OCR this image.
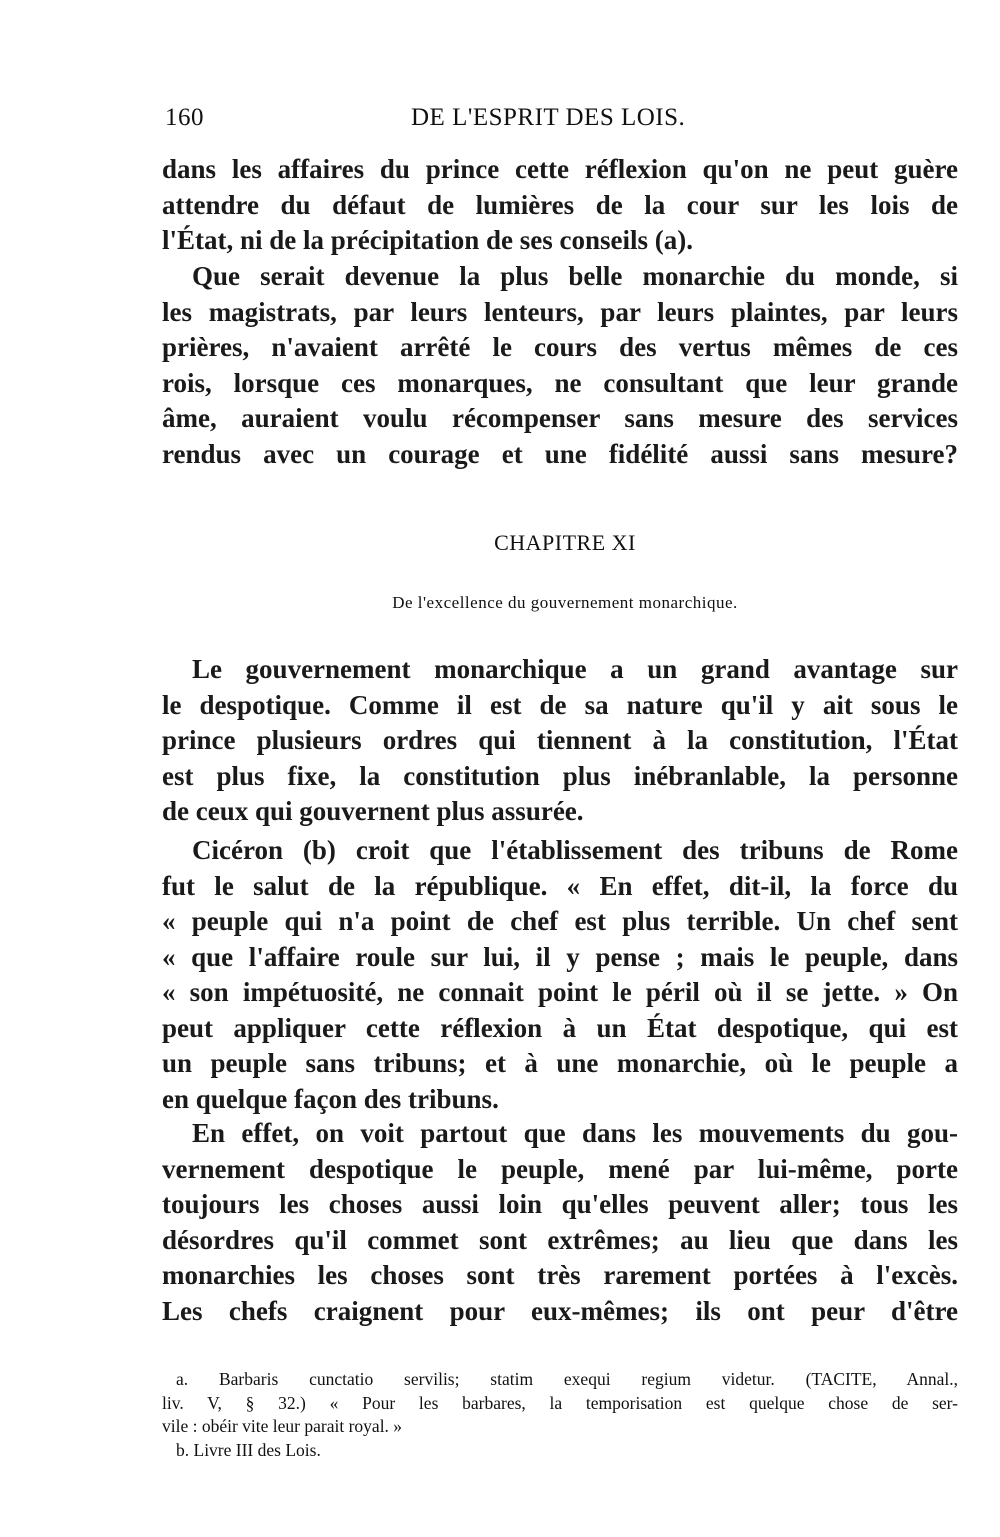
160	DE L'ESPRIT DES LOIS.
dans les affaires du prince cette réflexion qu'on ne peut guère
attendre du défaut de lumières de la cour sur les lois de
l'État, ni de la précipitation de ses conseils (a).
Que serait devenue la plus belle monarchie du monde, si
les magistrats, par leurs lenteurs, par leurs plaintes, par leurs
prières, n'avaient arrêté le cours des vertus mêmes de ces
rois, lorsque ces monarques, ne consultant que leur grande
âme, auraient voulu récompenser sans mesure des services
rendus avec un courage et une fidélité aussi sans mesure?
CHAPITRE XI
De l'excellence du gouvernement monarchique.
Le gouvernement monarchique a un grand avantage sur
le despotique. Comme il est de sa nature qu'il y ait sous le
prince plusieurs ordres qui tiennent à la constitution, l'État
est plus fixe, la constitution plus inébranlable, la personne
de ceux qui gouvernent plus assurée.
Cicéron (b) croit que l'établissement des tribuns de Rome
fut le salut de la république. « En effet, dit-il, la force du
« peuple qui n'a point de chef est plus terrible. Un chef sent
« que l'affaire roule sur lui, il y pense ; mais le peuple, dans
« son impétuosité, ne connait point le péril où il se jette. » On
peut appliquer cette réflexion à un État despotique, qui est
un peuple sans tribuns; et à une monarchie, où le peuple a
en quelque façon des tribuns.
En effet, on voit partout que dans les mouvements du gou-
vernement despotique le peuple, mené par lui-même, porte
toujours les choses aussi loin qu'elles peuvent aller; tous les
désordres qu'il commet sont extrêmes; au lieu que dans les
monarchies les choses sont très rarement portées à l'excès.
Les chefs craignent pour eux-mêmes; ils ont peur d'être
a. Barbaris cunctatio servilis; statim exequi regium videtur. (TACITE, Annal.,
liv. V, § 32.) « Pour les barbares, la temporisation est quelque chose de ser-
vile : obéir vite leur parait royal. »
b. Livre III des Lois.
